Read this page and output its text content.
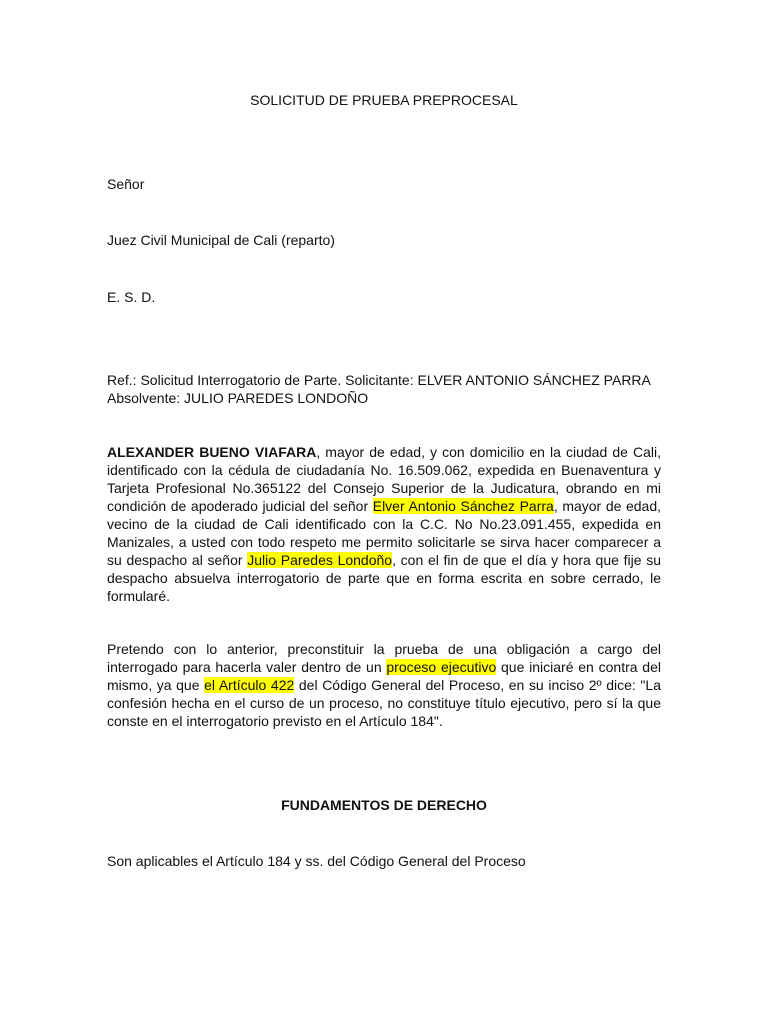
SOLICITUD DE PRUEBA PREPROCESAL
Señor
Juez Civil Municipal de Cali (reparto)
E. S. D.
Ref.: Solicitud Interrogatorio de Parte. Solicitante: ELVER ANTONIO SÁNCHEZ PARRA
Absolvente: JULIO PAREDES LONDOÑO
ALEXANDER BUENO VIAFARA, mayor de edad, y con domicilio en la ciudad de Cali, identificado con la cédula de ciudadanía No. 16.509.062, expedida en Buenaventura y Tarjeta Profesional No.365122 del Consejo Superior de la Judicatura, obrando en mi condición de apoderado judicial del señor Elver Antonio Sánchez Parra, mayor de edad, vecino de la ciudad de Cali identificado con la C.C. No No.23.091.455, expedida en Manizales, a usted con todo respeto me permito solicitarle se sirva hacer comparecer a su despacho al señor Julio Paredes Londoño, con el fin de que el día y hora que fije su despacho absuelva interrogatorio de parte que en forma escrita en sobre cerrado, le formularé.
Pretendo con lo anterior, preconstituir la prueba de una obligación a cargo del interrogado para hacerla valer dentro de un proceso ejecutivo que iniciaré en contra del mismo, ya que el Artículo 422 del Código General del Proceso, en su inciso 2º dice: "La confesión hecha en el curso de un proceso, no constituye título ejecutivo, pero sí la que conste en el interrogatorio previsto en el Artículo 184".
FUNDAMENTOS DE DERECHO
Son aplicables el Artículo 184 y ss. del Código General del Proceso
